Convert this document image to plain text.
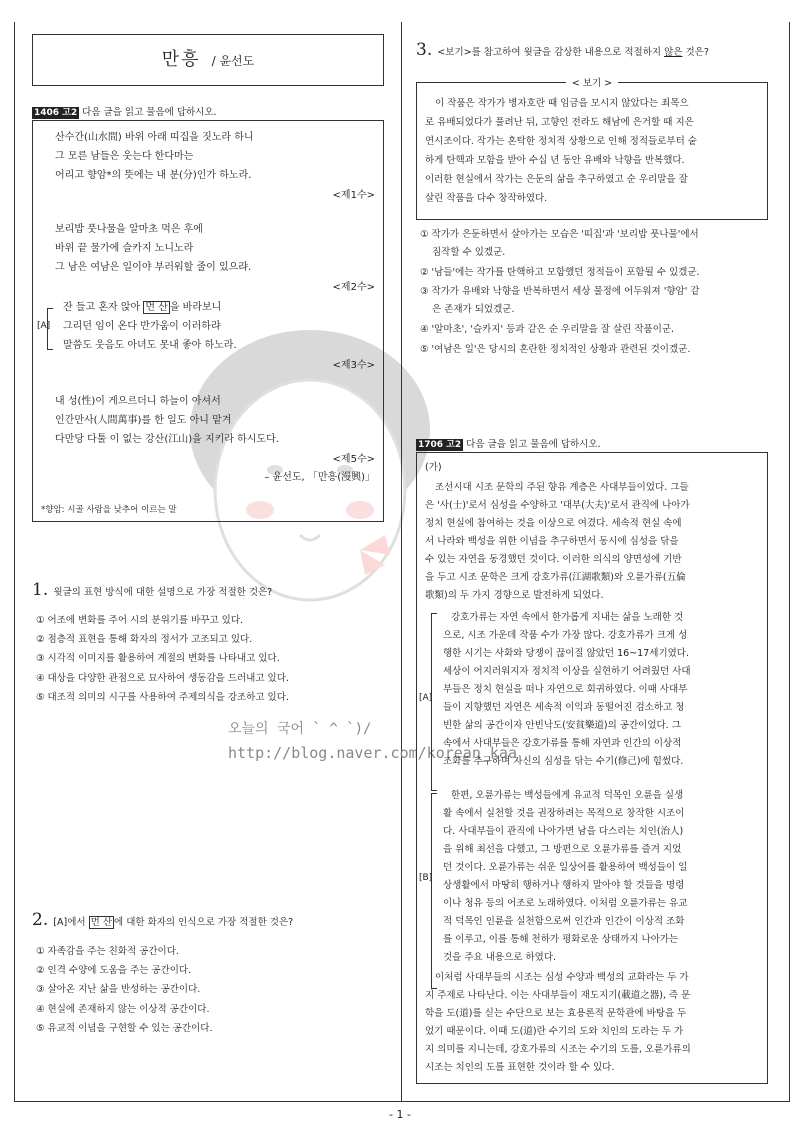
오늘의 국어 ` ^ `)/
http://blog.naver.com/korean_kaa
만흥 / 윤선도
1406 고2 다음 글을 읽고 물음에 답하시오.
산수간(山水間) 바위 아래 띠집을 짓노라 하니
그 모른 남들은 웃는다 한다마는
어리고 향암*의 뜻에는 내 분(分)인가 하노라.
<제1수>
보리밥 풋나물을 알마초 먹은 후에
바위 끝 물가에 슬카지 노니노라
그 남은 여남은 일이야 부러워할 줄이 있으랴.
<제2수>
[A]
잔 들고 혼자 앉아 먼 산 을 바라보니
그리던 임이 온다 반가움이 이러하랴
말씀도 웃음도 아녀도 못내 좋아 하노라.
<제3수>
내 성(性)이 게으르더니 하늘이 아셔서
인간만사(人間萬事)를 한 일도 아니 맡겨
다만당 다툴 이 없는 강산(江山)을 지키라 하시도다.
<제5수>
– 윤선도, 「만흥(漫興)」
*향암: 시골 사람을 낮추어 이르는 말
1. 윗글의 표현 방식에 대한 설명으로 가장 적절한 것은?
① 어조에 변화를 주어 시의 분위기를 바꾸고 있다.
② 점층적 표현을 통해 화자의 정서가 고조되고 있다.
③ 시각적 이미지를 활용하여 계절의 변화를 나타내고 있다.
④ 대상을 다양한 관점으로 묘사하여 생동감을 드러내고 있다.
⑤ 대조적 의미의 시구를 사용하여 주제의식을 강조하고 있다.
2. [A]에서 먼 산 에 대한 화자의 인식으로 가장 적절한 것은?
① 자족감을 주는 친화적 공간이다.
② 인격 수양에 도움을 주는 공간이다.
③ 살아온 지난 삶을 반성하는 공간이다.
④ 현실에 존재하지 않는 이상적 공간이다.
⑤ 유교적 이념을 구현할 수 있는 공간이다.
3. <보기>를 참고하여 윗글을 감상한 내용으로 적절하지 않은 것은?
< 보기 >
이 작품은 작가가 병자호란 때 임금을 모시지 않았다는 죄목으
로 유배되었다가 풀려난 뒤, 고향인 전라도 해남에 은거할 때 지은
연시조이다. 작가는 혼탁한 정치적 상황으로 인해 정적들로부터 숱
하게 탄핵과 모함을 받아 수십 년 동안 유배와 낙향을 반복했다.
이러한 현실에서 작가는 은둔의 삶을 추구하였고 순 우리말을 잘
살린 작품을 다수 창작하였다.
① 작가가 은둔하면서 살아가는 모습은 '띠집'과 '보리밥 풋나물'에서
짐작할 수 있겠군.
② '남들'에는 작가를 탄핵하고 모함했던 정적들이 포함될 수 있겠군.
③ 작가가 유배와 낙향을 반복하면서 세상 물정에 어두워져 '향암' 같
은 존재가 되었겠군.
④ '알마초', '슬카지' 등과 같은 순 우리말을 잘 살린 작품이군.
⑤ '여남은 일'은 당시의 혼란한 정치적인 상황과 관련된 것이겠군.
1706 고2 다음 글을 읽고 물음에 답하시오.
(가)
조선시대 시조 문학의 주된 향유 계층은 사대부들이었다. 그들
은 '사(士)'로서 심성을 수양하고 '대부(大夫)'로서 관직에 나아가
정치 현실에 참여하는 것을 이상으로 여겼다. 세속적 현실 속에
서 나라와 백성을 위한 이념을 추구하면서 동시에 심성을 닦을
수 있는 자연을 동경했던 것이다. 이러한 의식의 양면성에 기반
을 두고 시조 문학은 크게 강호가류(江湖歌類)와 오륜가류(五倫
歌類)의 두 가지 경향으로 발전하게 되었다.
[A]
강호가류는 자연 속에서 한가롭게 지내는 삶을 노래한 것
으로, 시조 가운데 작품 수가 가장 많다. 강호가류가 크게 성
행한 시기는 사화와 당쟁이 끊이질 않았던 16~17세기였다.
세상이 어지러워지자 정치적 이상을 실현하기 어려웠던 사대
부들은 정치 현실을 떠나 자연으로 회귀하였다. 이때 사대부
들이 지향했던 자연은 세속적 이익과 동떨어진 검소하고 청
빈한 삶의 공간이자 안빈낙도(安貧樂道)의 공간이었다. 그
속에서 사대부들은 강호가류를 통해 자연과 인간의 이상적
조화를 추구하며 자신의 심성을 닦는 수기(修己)에 힘썼다.
[B]
한편, 오륜가류는 백성들에게 유교적 덕목인 오륜을 실생
활 속에서 실천할 것을 권장하려는 목적으로 창작한 시조이
다. 사대부들이 관직에 나아가면 남을 다스리는 치인(治人)
을 위해 최선을 다했고, 그 방편으로 오륜가류를 즐겨 지었
던 것이다. 오륜가류는 쉬운 일상어를 활용하여 백성들이 일
상생활에서 마땅히 행하거나 행하지 말아야 할 것들을 명령
이나 청유 등의 어조로 노래하였다. 이처럼 오륜가류는 유교
적 덕목인 인륜을 실천함으로써 인간과 인간이 이상적 조화
를 이루고, 이를 통해 천하가 평화로운 상태까지 나아가는
것을 주요 내용으로 하였다.
이처럼 사대부들의 시조는 심성 수양과 백성의 교화라는 두 가
지 주제로 나타난다. 이는 사대부들이 재도지기(載道之器), 즉 문
학을 도(道)를 싣는 수단으로 보는 효용론적 문학관에 바탕을 두
었기 때문이다. 이때 도(道)란 수기의 도와 치인의 도라는 두 가
지 의미를 지니는데, 강호가류의 시조는 수기의 도를, 오륜가류의
시조는 치인의 도를 표현한 것이라 할 수 있다.
- 1 -
